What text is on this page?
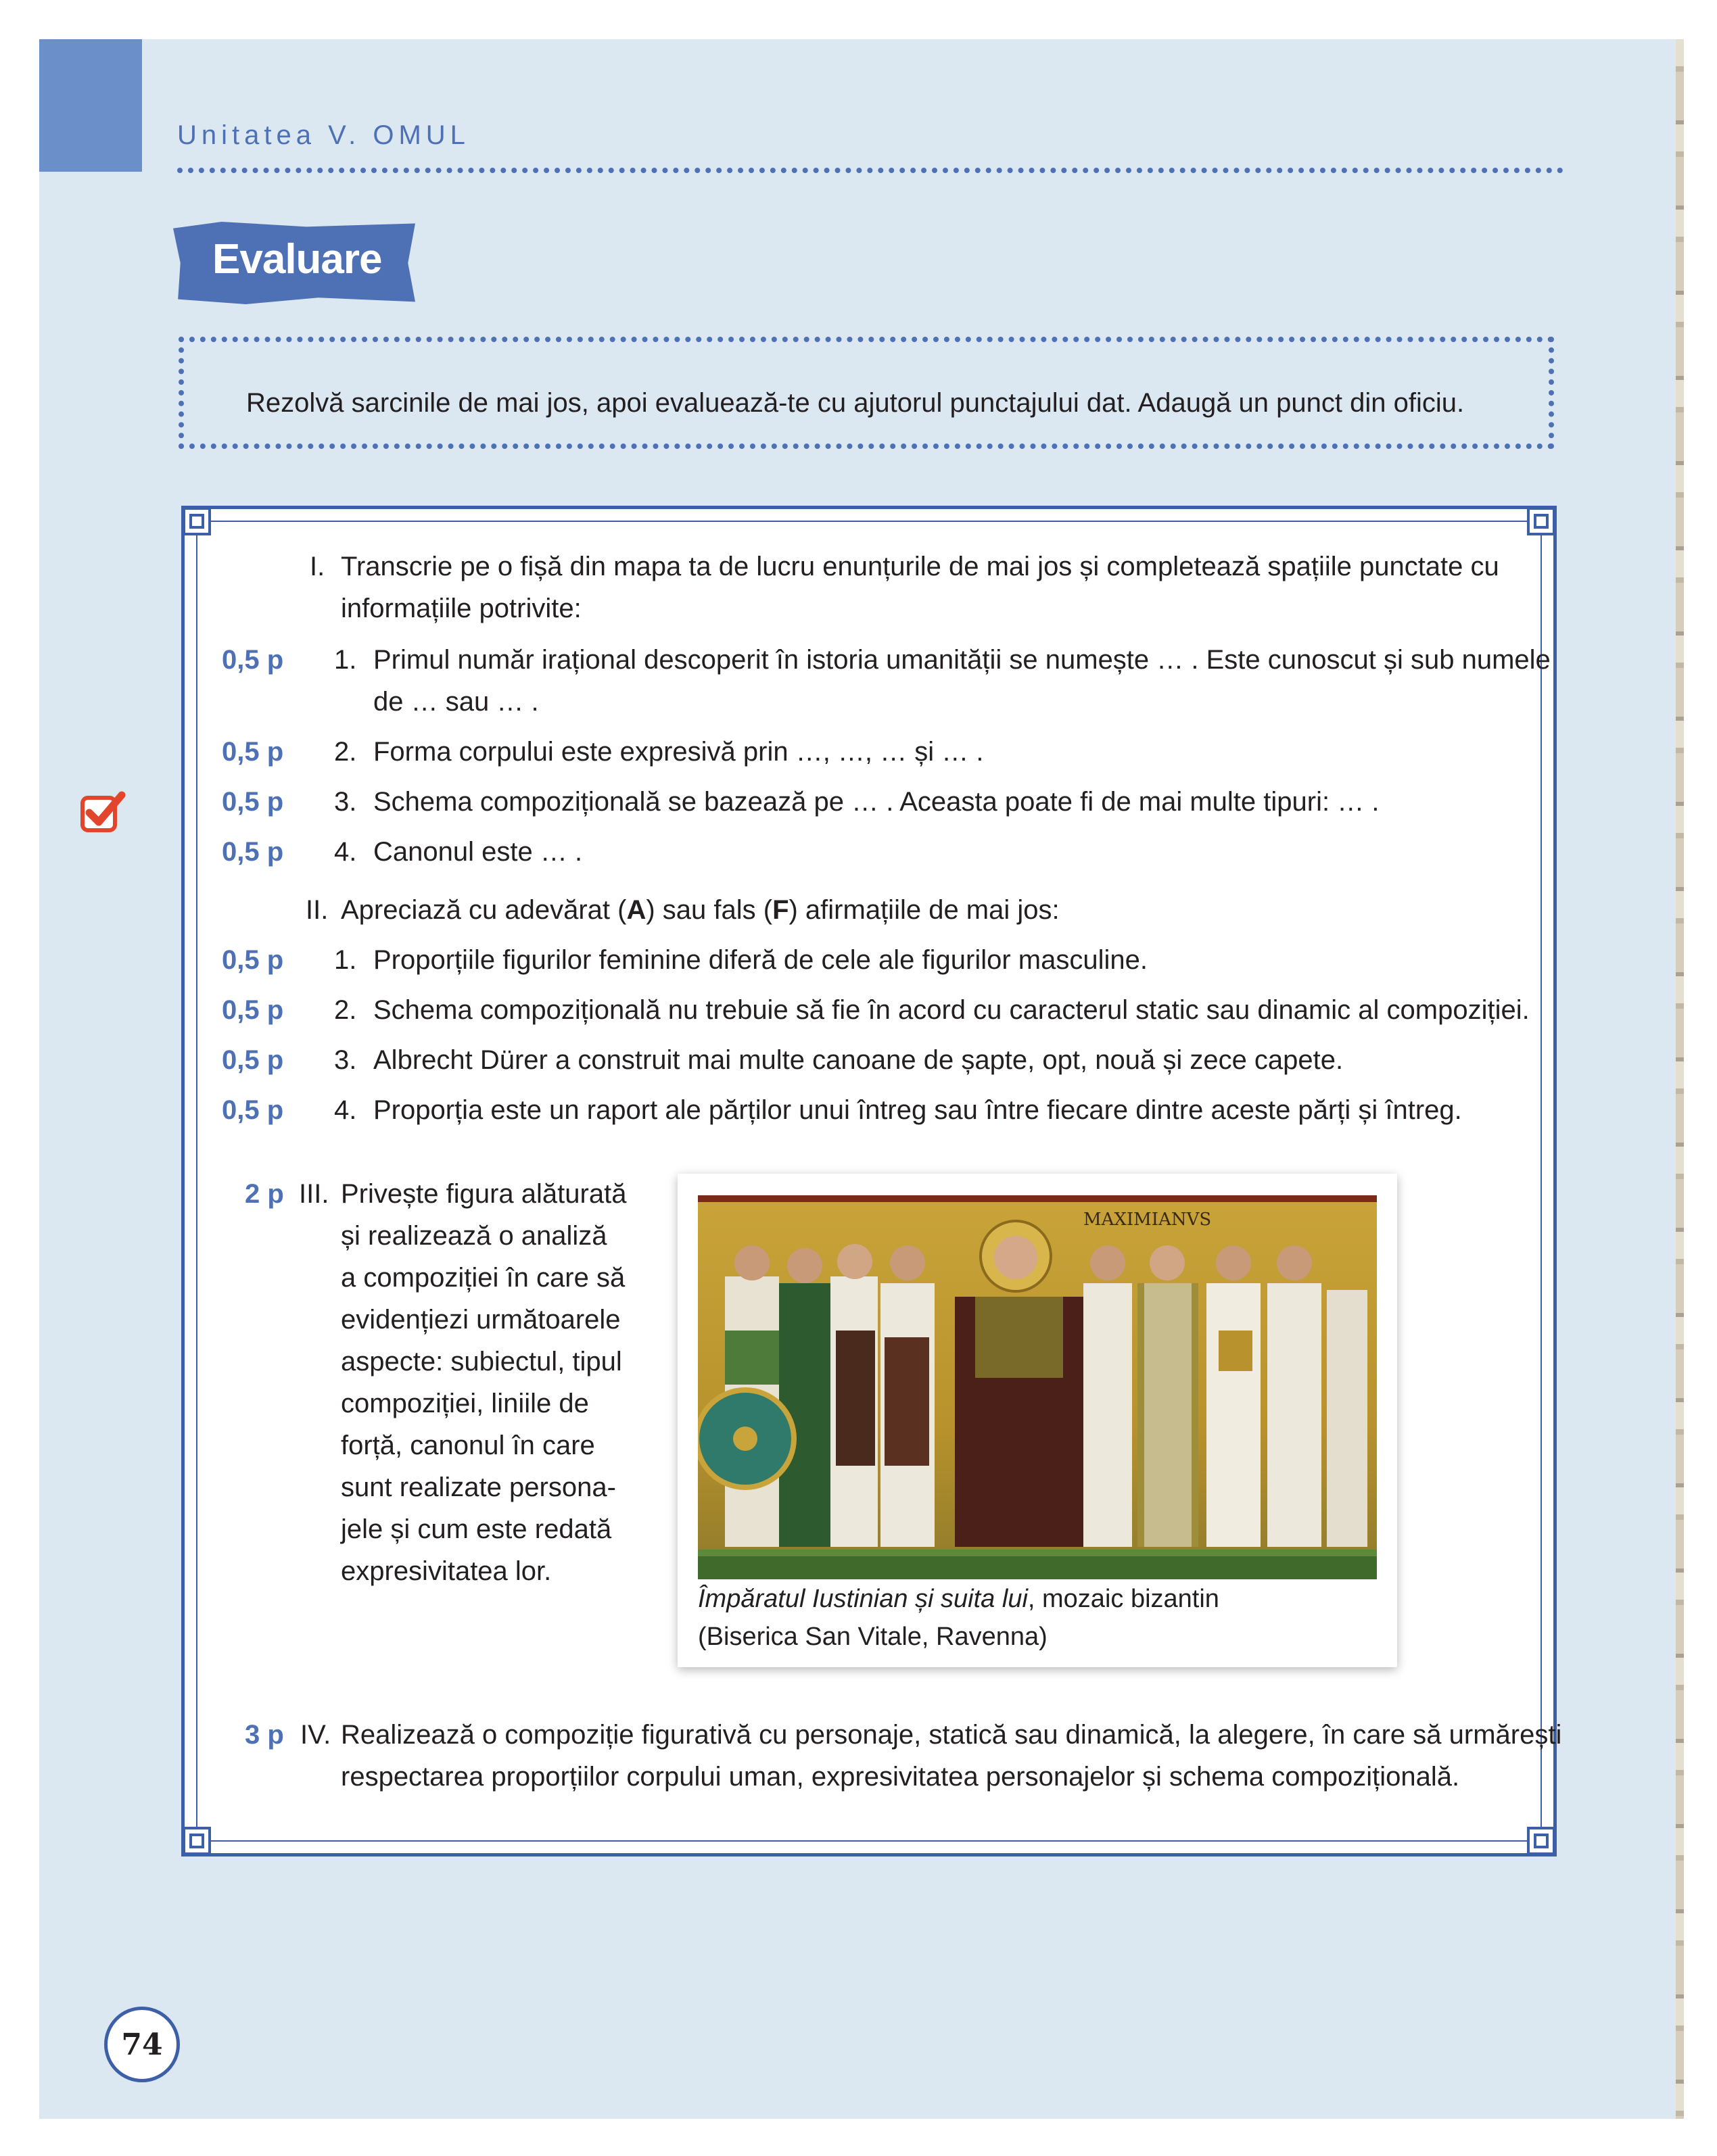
Unitatea V. OMUL
Evaluare
Rezolvă sarcinile de mai jos, apoi evaluează-te cu ajutorul punctajului dat. Adaugă un punct din oficiu.
I. Transcrie pe o fișă din mapa ta de lucru enunțurile de mai jos și completează spațiile punctate cu
informațiile potrivite:
0,5 p 1. Primul număr irațional descoperit în istoria umanității se numește … . Este cunoscut și sub numele
de … sau … .
0,5 p 2. Forma corpului este expresivă prin …, …, … și … .
0,5 p 3. Schema compozițională se bazează pe … . Aceasta poate fi de mai multe tipuri: … .
0,5 p 4. Canonul este … .
II. Apreciază cu adevărat (A) sau fals (F) afirmațiile de mai jos:
0,5 p 1. Proporțiile figurilor feminine diferă de cele ale figurilor masculine.
0,5 p 2. Schema compozițională nu trebuie să fie în acord cu caracterul static sau dinamic al compoziției.
0,5 p 3. Albrecht Dürer a construit mai multe canoane de șapte, opt, nouă și zece capete.
0,5 p 4. Proporția este un raport ale părților unui întreg sau între fiecare dintre aceste părți și întreg.
2 p III. Privește figura alăturată
și realizează o analiză
a compoziției în care să
evidențiezi următoarele
aspecte: subiectul, tipul
compoziției, liniile de
forță, canonul în care
sunt realizate persona-
jele și cum este redată
expresivitatea lor.
MAXIMIANVS
Împăratul Iustinian și suita lui, mozaic bizantin
(Biserica San Vitale, Ravenna)
3 p IV. Realizează o compoziție figurativă cu personaje, statică sau dinamică, la alegere, în care să urmărești
respectarea proporțiilor corpului uman, expresivitatea personajelor și schema compozițională.
74
